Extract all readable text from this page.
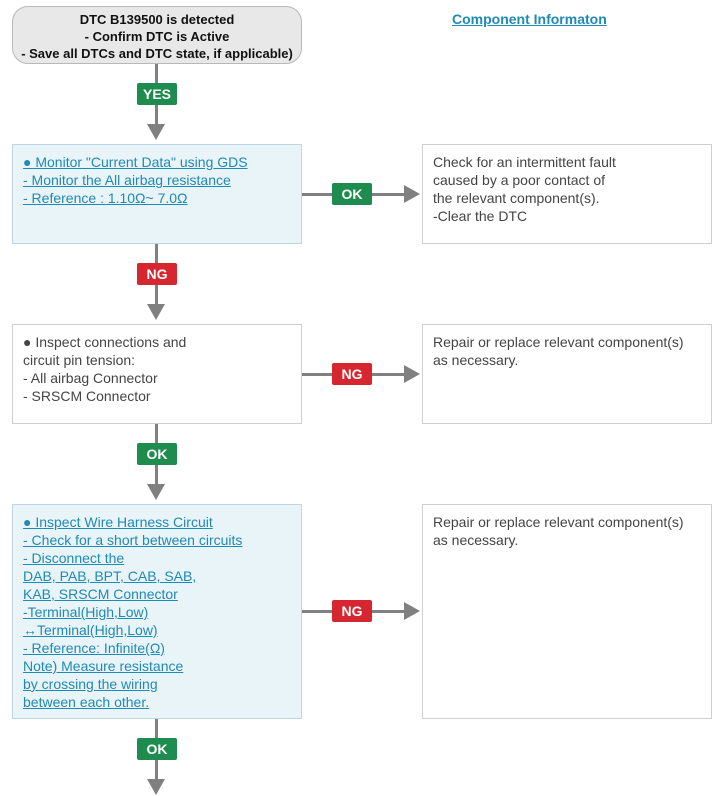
DTC B139500 is detected
- Confirm DTC is Active
- Save all DTCs and DTC state, if applicable)
Component Informaton
YES
● Monitor "Current Data" using GDS
- Monitor the All airbag resistance
- Reference : 1.10Ω~ 7.0Ω	OK
Check for an intermittent fault
caused by a poor contact of
the relevant component(s).
-Clear the DTC
NG
● Inspect connections and
circuit pin tension:
- All airbag Connector
- SRSCM Connector
NG
Repair or replace relevant component(s)
as necessary.
OK
● Inspect Wire Harness Circuit
- Check for a short between circuits
- Disconnect the
DAB, PAB, BPT, CAB, SAB,
KAB, SRSCM Connector
-Terminal(High,Low)
↔Terminal(High,Low)
- Reference: Infinite(Ω)
Note) Measure resistance
by crossing the wiring
between each other.
NG
Repair or replace relevant component(s)
as necessary.
OK
